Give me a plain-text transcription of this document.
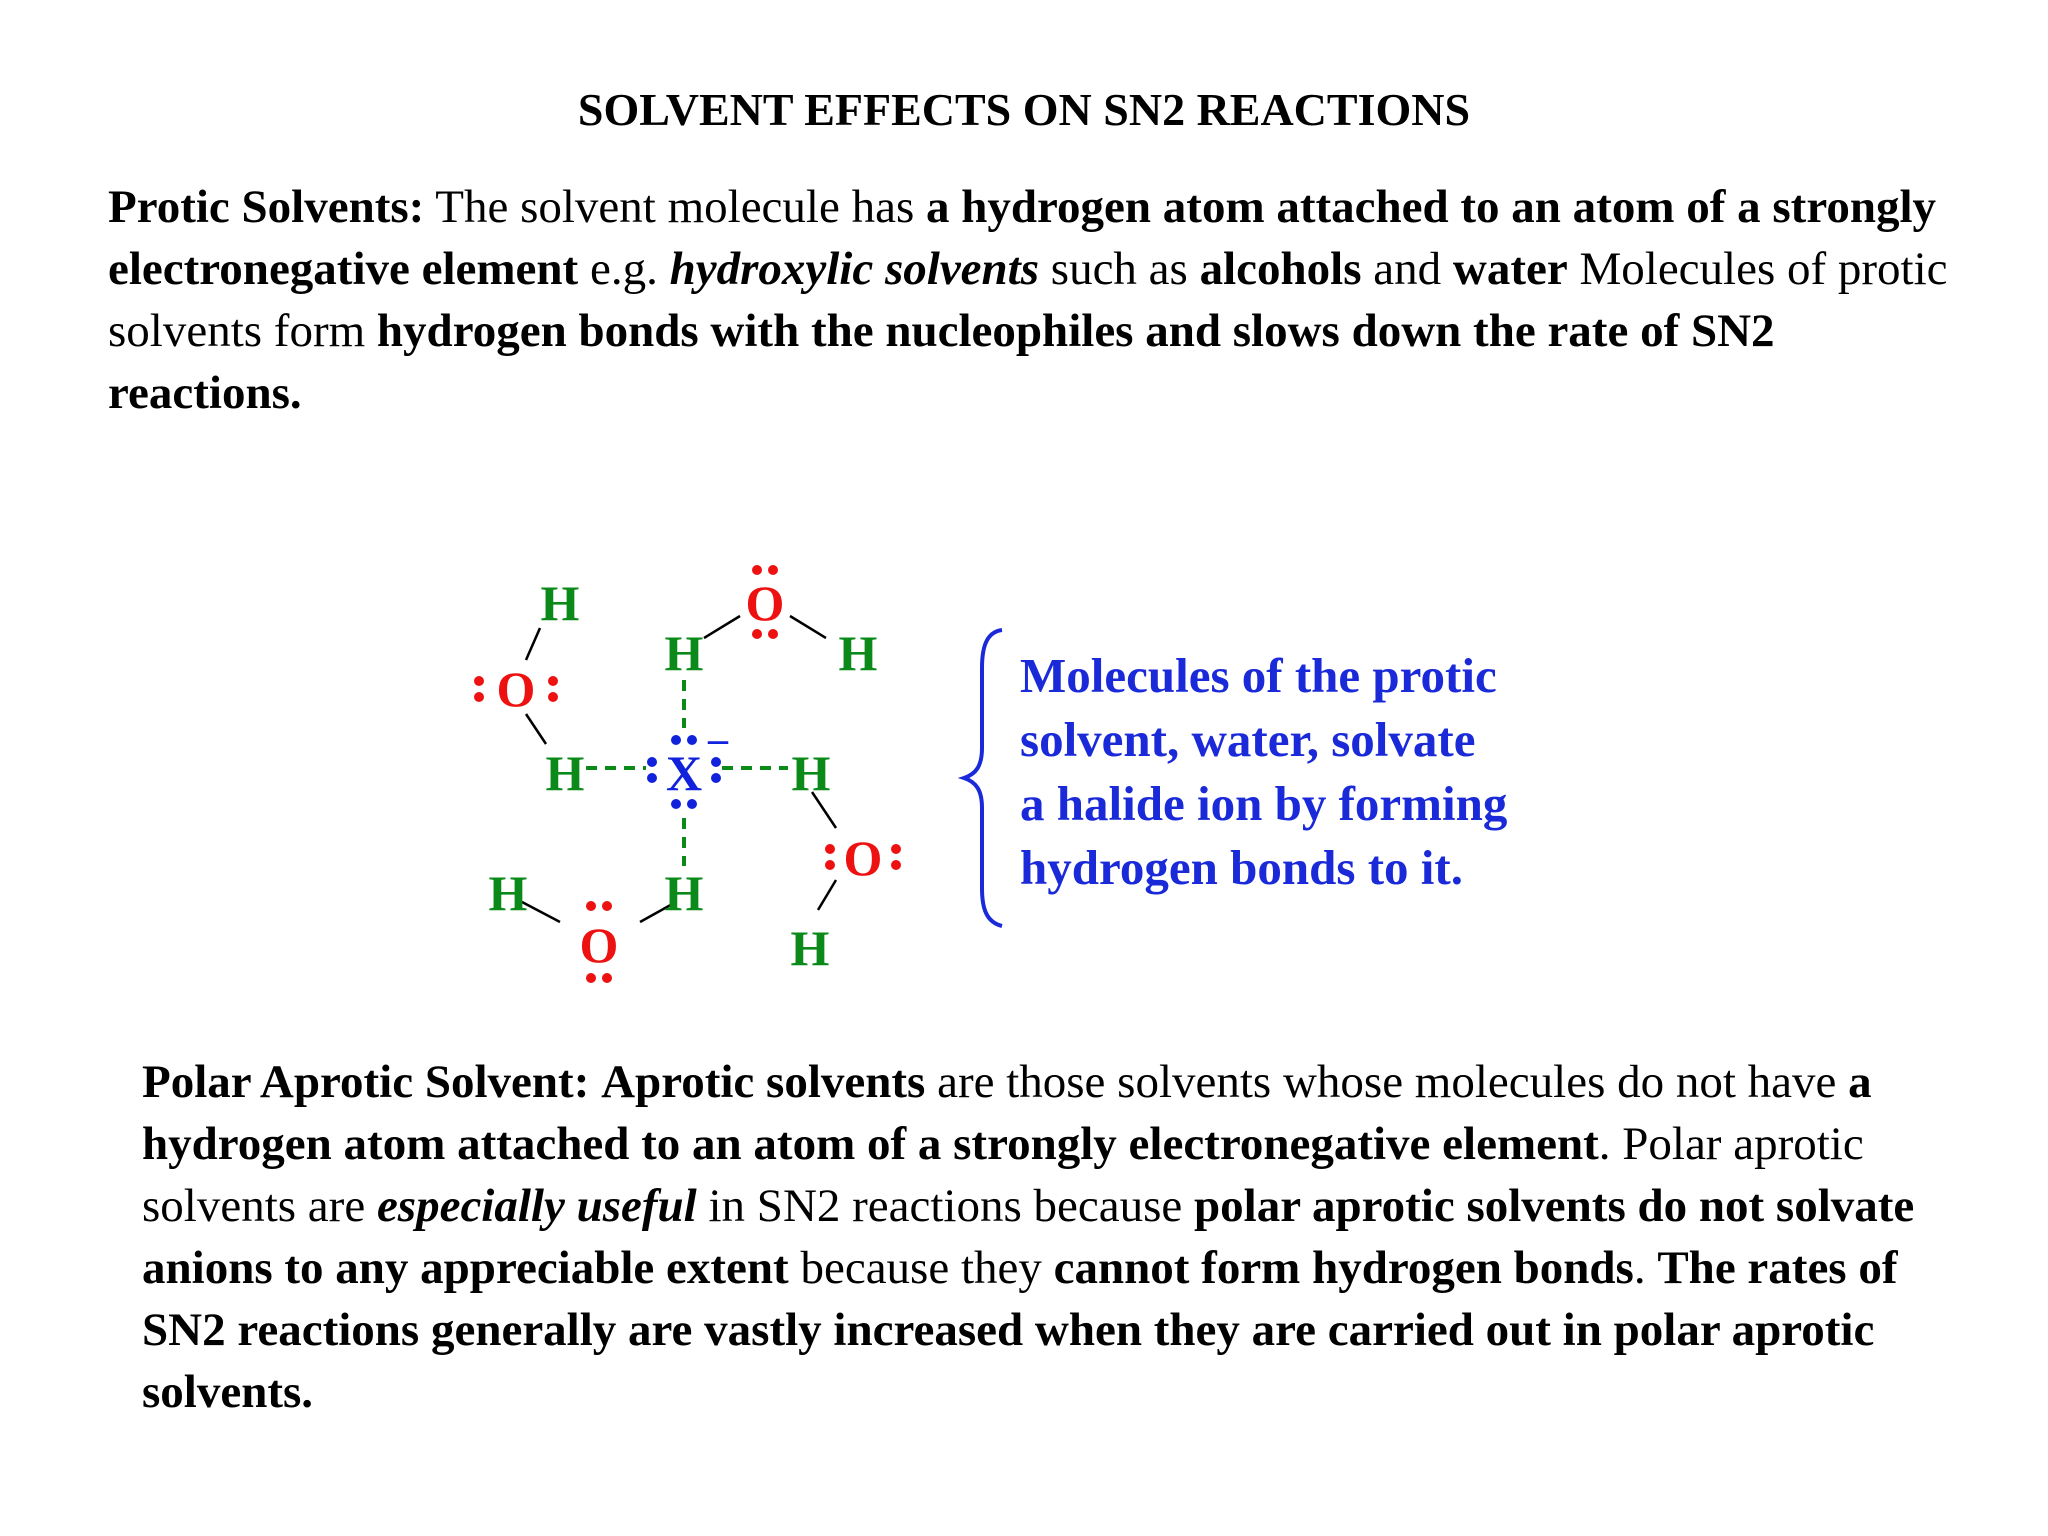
SOLVENT EFFECTS ON SN2 REACTIONS

Protic Solvents: The solvent molecule has a hydrogen atom attached to an atom of a strongly electronegative element e.g. hydroxylic solvents such as alcohols and water Molecules of protic solvents form hydrogen bonds with the nucleophiles and slows down the rate of SN2 reactions.

H
O
H
H
O
H
X
–
H
O
H
H	H
O
Molecules of the protic
solvent, water, solvate
a halide ion by forming
hydrogen bonds to it.

Polar Aprotic Solvent: Aprotic solvents are those solvents whose molecules do not have a hydrogen atom attached to an atom of a strongly electronegative element. Polar aprotic solvents are especially useful in SN2 reactions because polar aprotic solvents do not solvate anions to any appreciable extent because they cannot form hydrogen bonds. The rates of SN2 reactions generally are vastly increased when they are carried out in polar aprotic solvents.
